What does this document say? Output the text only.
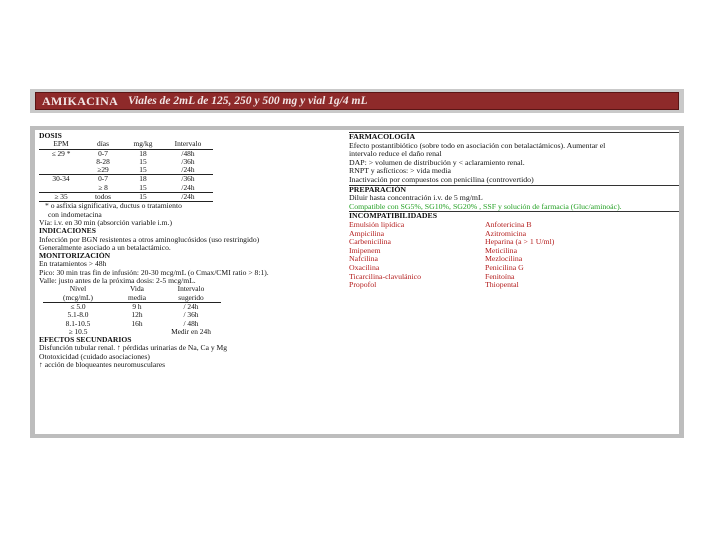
AMIKACINA Viales de 2mL de 125, 250 y 500 mg y vial 1g/4 mL
DOSIS
EPM	días	mg/kg	Intervalo
≤ 29 *	0-7	18	/48h
	8-28	15	/36h
	≥29	15	/24h
30-34	0-7	18	/36h
	≥ 8	15	/24h
≥ 35	todos	15	/24h
* o asfixia significativa, ductus o tratamiento
con indometacina
Vía: i.v. en 30 min (absorción variable i.m.)
INDICACIONES
Infección por BGN resistentes a otros aminoglucósidos (uso restringido)
Generalmente asociado a un betalactámico.
MONITORIZACIÓN
En tratamientos > 48h
Pico: 30 min tras fin de infusión: 20-30 mcg/mL (o Cmax/CMI ratio > 8:1).
Valle: justo antes de la próxima dosis: 2-5 mcg/mL.
Nivel	Vida	Intervalo
(mcg/mL)	media	sugerido
≤ 5.0	9 h	/ 24h
5.1-8.0	12h	/ 36h
8.1-10.5	16h	/ 48h
≥ 10.5		Medir en 24h
EFECTOS SECUNDARIOS
Disfunción tubular renal. ↑ pérdidas urinarias de Na, Ca y Mg
Ototoxicidad (cuidado asociaciones)
↑ acción de bloqueantes neuromusculares
FARMACOLOGÍA
Efecto postantibiótico (sobre todo en asociación con betalactámicos). Aumentar el
intervalo reduce el daño renal
DAP: > volumen de distribución y < aclaramiento renal.
RNPT y asfícticos: > vida media
Inactivación por compuestos con penicilina (controvertido)
PREPARACIÓN
Diluir hasta concentración i.v. de 5 mg/mL
Compatible con SG5%, SG10%, SG20% , SSF y solución de farmacia (Gluc/aminoác).
INCOMPATIBILIDADES
Emulsión lipídica	Anfotericina B
Ampicilina	Azitromicina
Carbenicilina	Heparina (a > 1 U/ml)
Imipenem	Meticilina
Nafcilina	Mezlocilina
Oxacilina	Penicilina G
Ticarcilina-clavulánico	Fenitoína
Propofol	Thiopental
